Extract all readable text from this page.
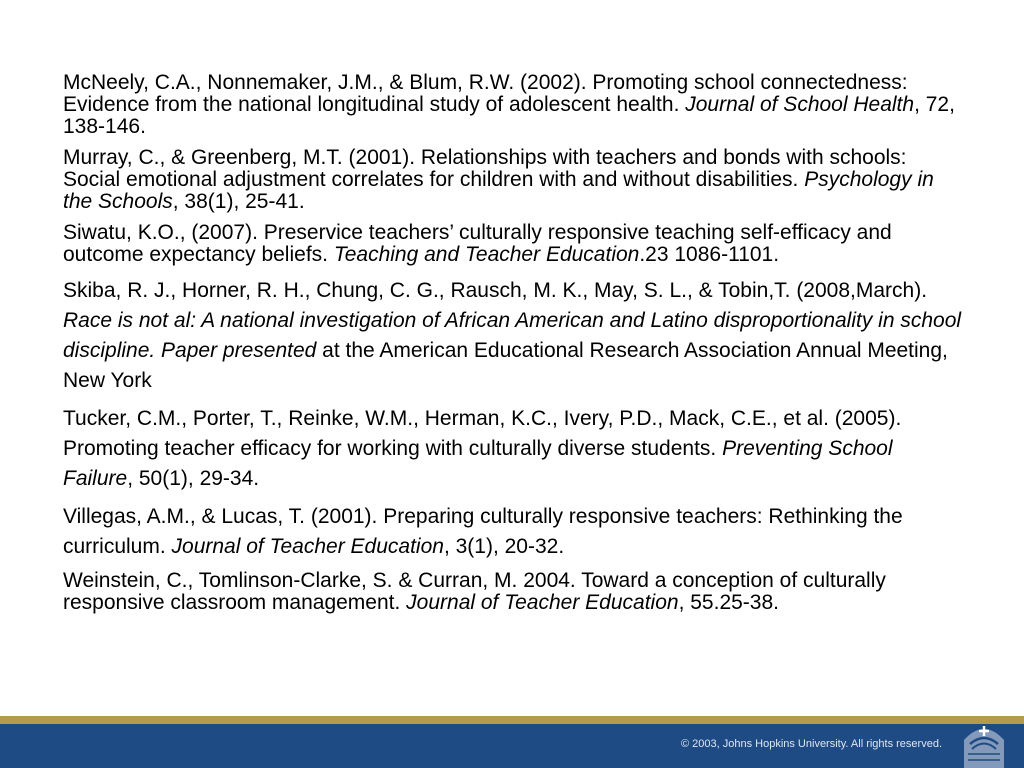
McNeely, C.A., Nonnemaker, J.M., & Blum, R.W. (2002). Promoting school connectedness: Evidence from the national longitudinal study of adolescent health. Journal of School Health, 72, 138-146.

Murray, C., & Greenberg, M.T. (2001). Relationships with teachers and bonds with schools: Social emotional adjustment correlates for children with and without disabilities. Psychology in the Schools, 38(1), 25-41.

Siwatu, K.O., (2007). Preservice teachers’ culturally responsive teaching self-efficacy and outcome expectancy beliefs. Teaching and Teacher Education.23 1086-1101.

Skiba, R. J., Horner, R. H., Chung, C. G., Rausch, M. K., May, S. L., & Tobin,T. (2008,March). Race is not al: A national investigation of African American and Latino disproportionality in school discipline. Paper presented at the American Educational Research Association Annual Meeting, New York

Tucker, C.M., Porter, T., Reinke, W.M., Herman, K.C., Ivery, P.D., Mack, C.E., et al. (2005). Promoting teacher efficacy for working with culturally diverse students. Preventing School Failure, 50(1), 29-34.

Villegas, A.M., & Lucas, T. (2001). Preparing culturally responsive teachers: Rethinking the curriculum. Journal of Teacher Education, 3(1), 20-32.

Weinstein, C., Tomlinson-Clarke, S. & Curran, M. 2004. Toward a conception of culturally responsive classroom management. Journal of Teacher Education, 55.25-38.

© 2003, Johns Hopkins University. All rights reserved.
